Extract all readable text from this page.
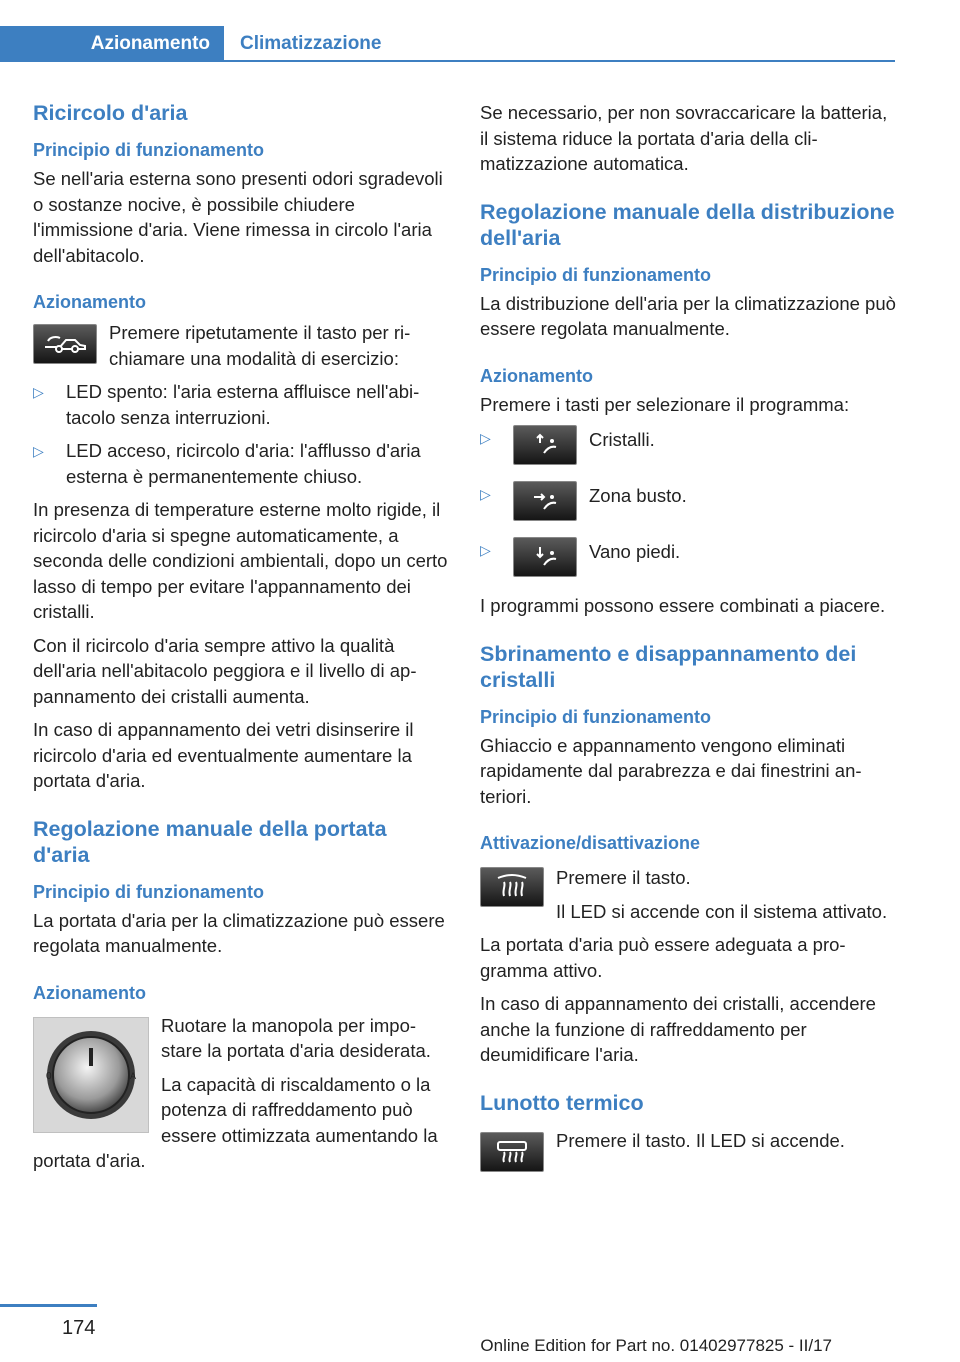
Azionamento	Climatizzazione
Ricircolo d'aria
Principio di funzionamento

Se nell'aria esterna sono presenti odori sgradevoli o sostanze nocive, è possibile chiudere l'immissione d'aria. Viene rimessa in circolo l'aria dell'abitacolo.

Azionamento

Premere ripetutamente il tasto per richiamare una modalità di esercizio:

▷ LED spento: l'aria esterna affluisce nell'abitacolo senza interruzioni.
▷ LED acceso, ricircolo d'aria: l'afflusso d'aria esterna è permanentemente chiuso.

In presenza di temperature esterne molto rigide, il ricircolo d'aria si spegne automaticamente, a seconda delle condizioni ambientali, dopo un certo lasso di tempo per evitare l'appannamento dei cristalli.

Con il ricircolo d'aria sempre attivo la qualità dell'aria nell'abitacolo peggiora e il livello di appannamento dei cristalli aumenta.

In caso di appannamento dei vetri disinserire il ricircolo d'aria ed eventualmente aumentare la portata d'aria.

Regolazione manuale della portata d'aria
Principio di funzionamento

La portata d'aria per la climatizzazione può essere regolata manualmente.

Azionamento
0	A

Ruotare la manopola per impostare la portata d'aria desiderata.

La capacità di riscaldamento o la potenza di raffreddamento può essere ottimizzata aumentando la portata d'aria.

Se necessario, per non sovraccaricare la batteria, il sistema riduce la portata d'aria della climatizzazione automatica.

Regolazione manuale della distribuzione dell'aria
Principio di funzionamento

La distribuzione dell'aria per la climatizzazione può essere regolata manualmente.

Azionamento

Premere i tasti per selezionare il programma:

▷	Cristalli.
▷	Zona busto.
▷	Vano piedi.

I programmi possono essere combinati a piacere.

Sbrinamento e disappannamento dei cristalli
Principio di funzionamento

Ghiaccio e appannamento vengono eliminati rapidamente dal parabrezza e dai finestrini anteriori.

Attivazione/disattivazione

Premere il tasto.

Il LED si accende con il sistema attivato.

La portata d'aria può essere adeguata a programma attivo.

In caso di appannamento dei cristalli, accendere anche la funzione di raffreddamento per deumidificare l'aria.

Lunotto termico

Premere il tasto. Il LED si accende.

174
Online Edition for Part no. 01402977825 - II/17
